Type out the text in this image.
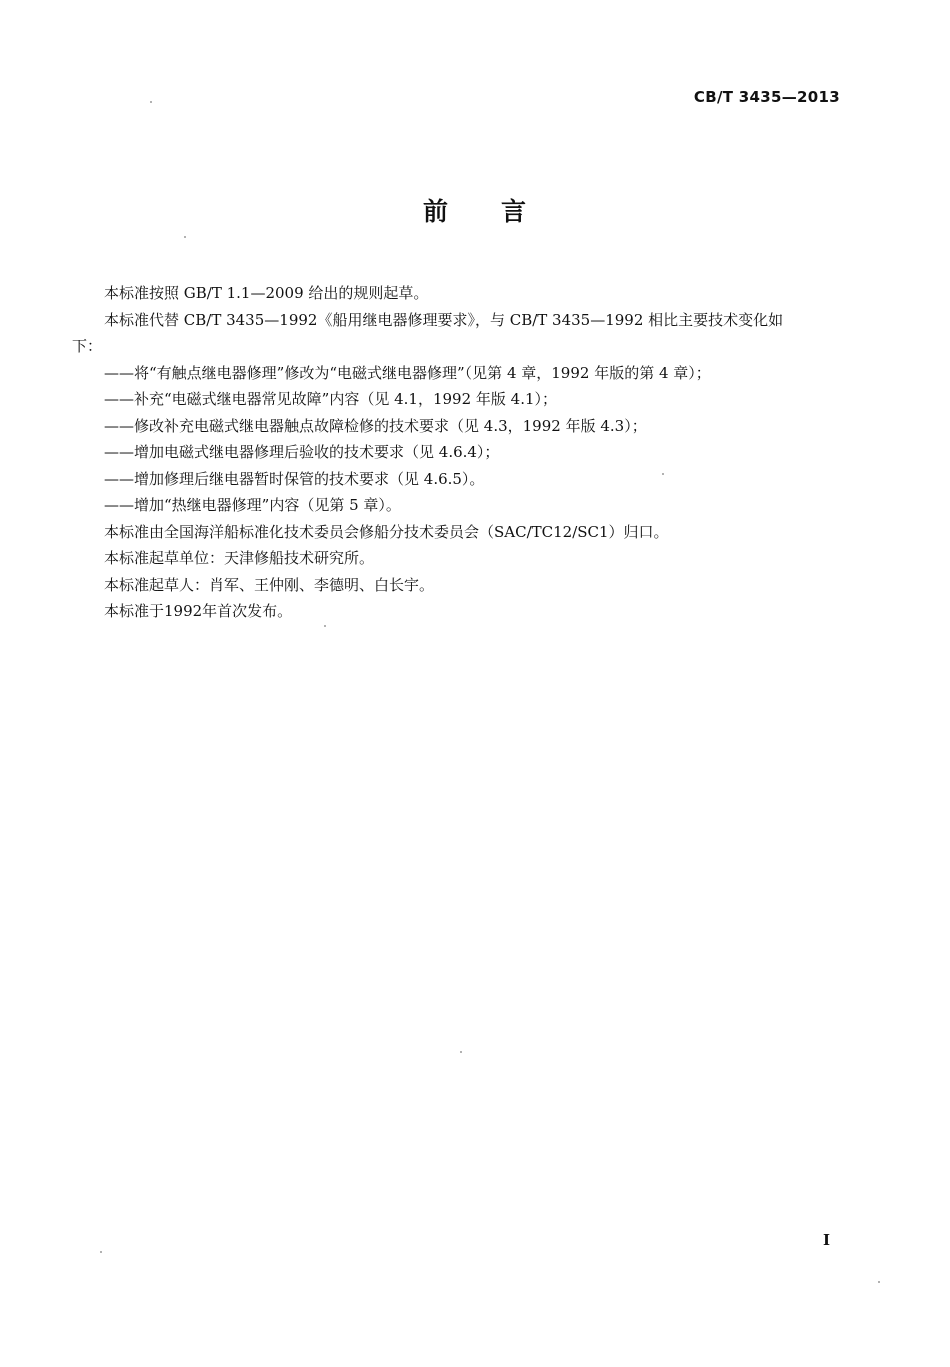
CB/T 3435—2013
前 言

本标准按照 GB/T 1.1—2009 给出的规则起草。

本标准代替 CB/T 3435—1992《船用继电器修理要求》，与 CB/T 3435—1992 相比主要技术变化如

下：

——将“有触点继电器修理”修改为“电磁式继电器修理”（见第 4 章，1992 年版的第 4 章）；

——补充“电磁式继电器常见故障”内容（见 4.1，1992 年版 4.1）；

——修改补充电磁式继电器触点故障检修的技术要求（见 4.3，1992 年版 4.3）；

——增加电磁式继电器修理后验收的技术要求（见 4.6.4）；

——增加修理后继电器暂时保管的技术要求（见 4.6.5）。

——增加“热继电器修理”内容（见第 5 章）。

本标准由全国海洋船标准化技术委员会修船分技术委员会（SAC/TC12/SC1）归口。

本标准起草单位：天津修船技术研究所。

本标准起草人：肖军、王仲刚、李德明、白长宇。

本标准于1992年首次发布。

I
